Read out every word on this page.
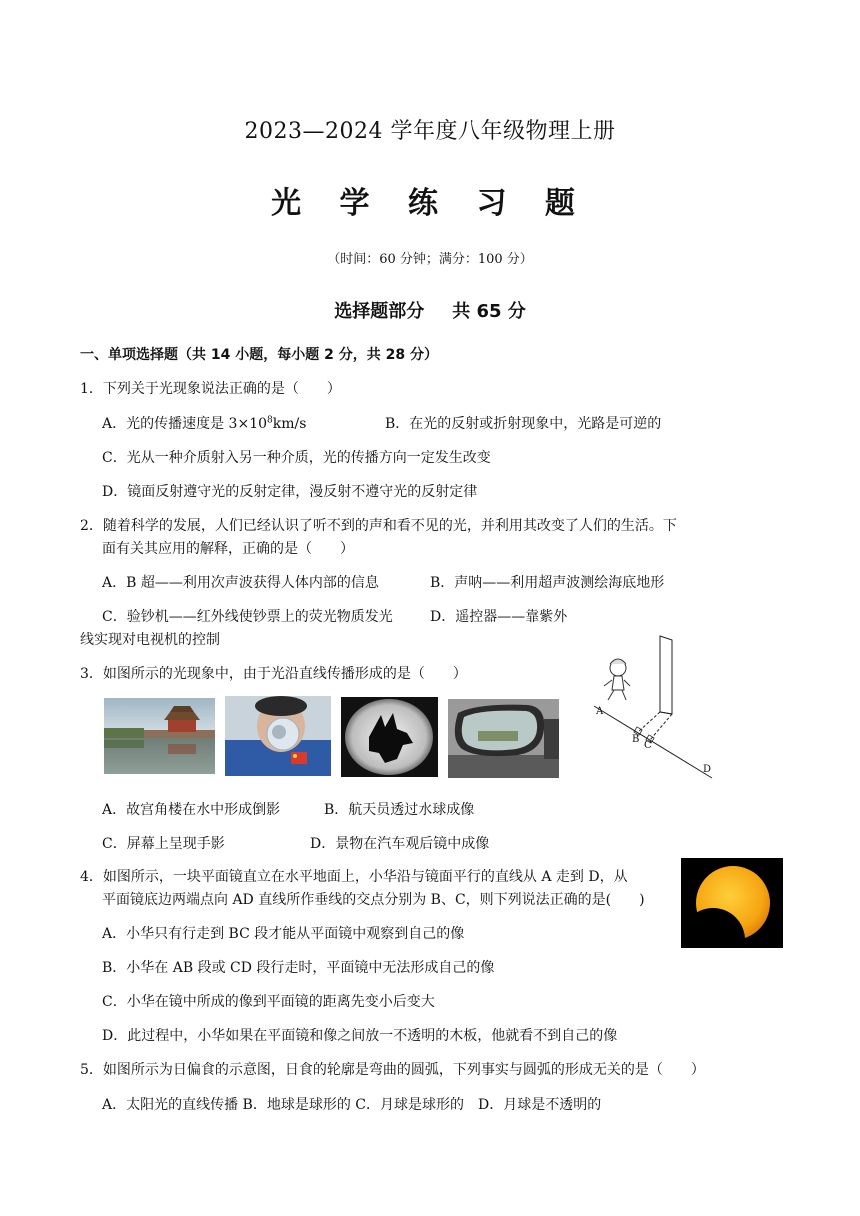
2023—2024 学年度八年级物理上册
光 学 练 习 题
（时间：60 分钟；满分：100 分）
选择题部分 共 65 分
一、单项选择题（共 14 小题，每小题 2 分，共 28 分）
1．下列关于光现象说法正确的是（　　）
A．光的传播速度是 $3\times 10^8km/s$	B．在光的反射或折射现象中，光路是可逆的
C．光从一种介质射入另一种介质，光的传播方向一定发生改变
D．镜面反射遵守光的反射定律，漫反射不遵守光的反射定律
2．随着科学的发展，人们已经认识了听不到的声和看不见的光，并利用其改变了人们的生活。下
面有关其应用的解释，正确的是（　　）
A．B 超——利用次声波获得人体内部的信息	B．声呐——利用超声波测绘海底地形
C．验钞机——红外线使钞票上的荧光物质发光	D．遥控器——靠紫外
线实现对电视机的控制
3．如图所示的光现象中，由于光沿直线传播形成的是（　　）
A．故宫角楼在水中形成倒影	B．航天员透过水球成像
C．屏幕上呈现手影	D．景物在汽车观后镜中成像
A
B
C
D
4．如图所示，一块平面镜直立在水平地面上，小华沿与镜面平行的直线从 A 走到 D，从
平面镜底边两端点向 AD 直线所作垂线的交点分别为 B、C，则下列说法正确的是(　　)
A．小华只有行走到 BC 段才能从平面镜中观察到自己的像
B．小华在 AB 段或 CD 段行走时，平面镜中无法形成自己的像
C．小华在镜中所成的像到平面镜的距离先变小后变大
D．此过程中，小华如果在平面镜和像之间放一不透明的木板，他就看不到自己的像
5．如图所示为日偏食的示意图，日食的轮廓是弯曲的圆弧，下列事实与圆弧的形成无关的是（　　）
A．太阳光的直线传播 B．地球是球形的 C．月球是球形的　D．月球是不透明的
